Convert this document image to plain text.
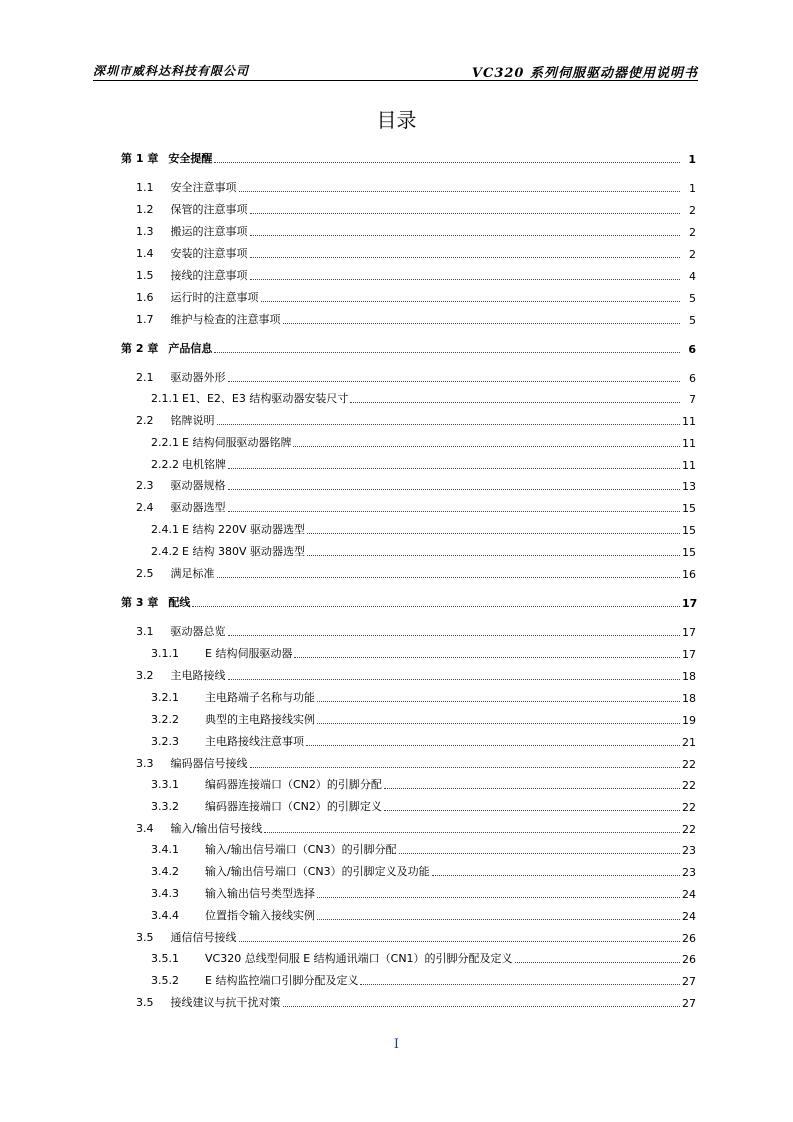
深圳市威科达科技有限公司	VC320 系列伺服驱动器使用说明书
目录
第 1 章 安全提醒	1
1.1 安全注意事项	1
1.2 保管的注意事项	2
1.3 搬运的注意事项	2
1.4 安装的注意事项	2
1.5 接线的注意事项	4
1.6 运行时的注意事项	5
1.7 维护与检查的注意事项	5
第 2 章 产品信息	6
2.1 驱动器外形	6
2.1.1 E1、E2、E3 结构驱动器安装尺寸	7
2.2 铭牌说明	11
2.2.1 E 结构伺服驱动器铭牌	11
2.2.2 电机铭牌	11
2.3 驱动器规格	13
2.4 驱动器选型	15
2.4.1 E 结构 220V 驱动器选型	15
2.4.2 E 结构 380V 驱动器选型	15
2.5 满足标准	16
第 3 章 配线	17
3.1 驱动器总览	17
3.1.1 E 结构伺服驱动器	17
3.2 主电路接线	18
3.2.1 主电路端子名称与功能	18
3.2.2 典型的主电路接线实例	19
3.2.3 主电路接线注意事项	21
3.3 编码器信号接线	22
3.3.1 编码器连接端口（CN2）的引脚分配	22
3.3.2 编码器连接端口（CN2）的引脚定义	22
3.4 输入/输出信号接线	22
3.4.1 输入/输出信号端口（CN3）的引脚分配	23
3.4.2 输入/输出信号端口（CN3）的引脚定义及功能	23
3.4.3 输入输出信号类型选择	24
3.4.4 位置指令输入接线实例	24
3.5 通信信号接线	26
3.5.1 VC320 总线型伺服 E 结构通讯端口（CN1）的引脚分配及定义	26
3.5.2 E 结构监控端口引脚分配及定义	27
3.5 接线建议与抗干扰对策	27
I
